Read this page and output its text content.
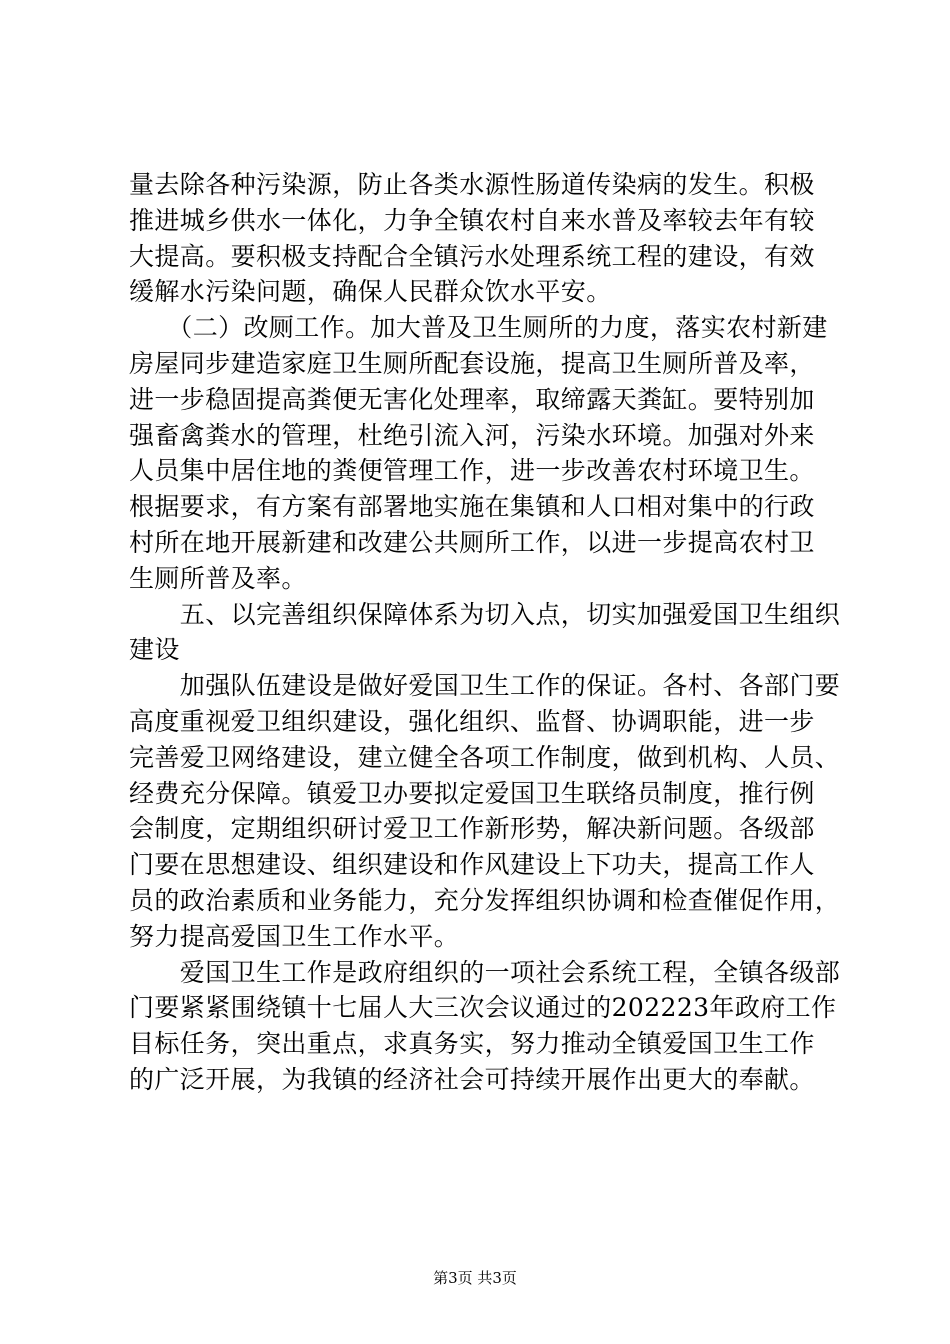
量去除各种污染源，防止各类水源性肠道传染病的发生。积极
推进城乡供水一体化，力争全镇农村自来水普及率较去年有较
大提高。要积极支持配合全镇污水处理系统工程的建设，有效
缓解水污染问题，确保人民群众饮水平安。
　　（二）改厕工作。加大普及卫生厕所的力度，落实农村新建
房屋同步建造家庭卫生厕所配套设施，提高卫生厕所普及率，
进一步稳固提高粪便无害化处理率，取缔露天粪缸。要特别加
强畜禽粪水的管理，杜绝引流入河，污染水环境。加强对外来
人员集中居住地的粪便管理工作，进一步改善农村环境卫生。
根据要求，有方案有部署地实施在集镇和人口相对集中的行政
村所在地开展新建和改建公共厕所工作，以进一步提高农村卫
生厕所普及率。
　　五、以完善组织保障体系为切入点，切实加强爱国卫生组织
建设
　　加强队伍建设是做好爱国卫生工作的保证。各村、各部门要
高度重视爱卫组织建设，强化组织、监督、协调职能，进一步
完善爱卫网络建设，建立健全各项工作制度，做到机构、人员、
经费充分保障。镇爱卫办要拟定爱国卫生联络员制度，推行例
会制度，定期组织研讨爱卫工作新形势，解决新问题。各级部
门要在思想建设、组织建设和作风建设上下功夫，提高工作人
员的政治素质和业务能力，充分发挥组织协调和检查催促作用，
努力提高爱国卫生工作水平。
　　爱国卫生工作是政府组织的一项社会系统工程，全镇各级部
门要紧紧围绕镇十七届人大三次会议通过的202223年政府工作
目标任务，突出重点，求真务实，努力推动全镇爱国卫生工作
的广泛开展，为我镇的经济社会可持续开展作出更大的奉献。
第3页 共3页
